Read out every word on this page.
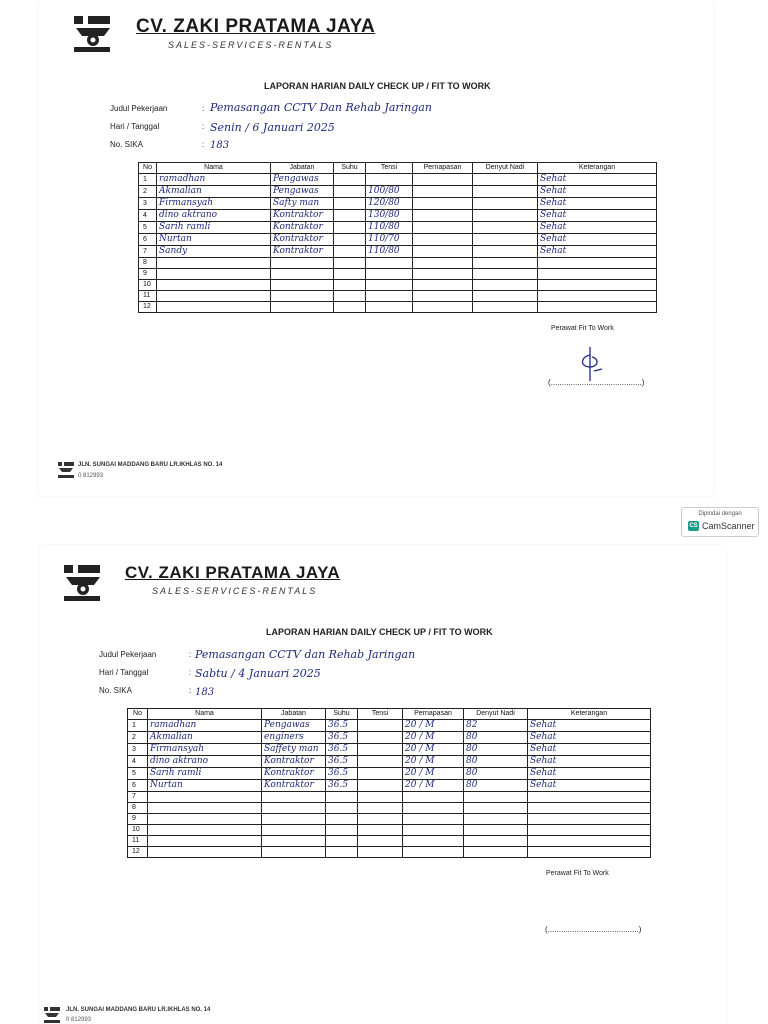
CV. ZAKI PRATAMA JAYA
SALES-SERVICES-RENTALS
LAPORAN HARIAN DAILY CHECK UP / FIT TO WORK
Judul Pekerjaan	: Pemasangan CCTV Dan Rehab Jaringan
Hari / Tanggal	: Senin / 6 Januari 2025
No. SIKA	: 183
No	Nama	Jabatan	Suhu	Tensi	Pernapasan	Denyut Nadi	Keterangan
1	ramadhan	Pengawas					Sehat
2	Akmalian	Pengawas		100/80			Sehat
3	Firmansyah	Safty man		120/80			Sehat
4	dino aktrano	Kontraktor		130/80			Sehat
5	Sarih ramli	Kontraktor		110/80			Sehat
6	Nurtan	Kontraktor		110/70			Sehat
7	Sandy	Kontraktor		110/80			Sehat
8							
9							
10							
11							
12							
Perawat Fit To Work
(.........................................)
JLN. SUNGAI MADDANG BARU LR.IKHLAS NO. 14
0 812993
Dipindai dengan
CS CamScanner
CV. ZAKI PRATAMA JAYA
SALES-SERVICES-RENTALS
LAPORAN HARIAN DAILY CHECK UP / FIT TO WORK
Judul Pekerjaan	: Pemasangan CCTV dan Rehab Jaringan
Hari / Tanggal	: Sabtu / 4 Januari 2025
No. SIKA	: 183
No	Nama	Jabatan	Suhu	Tensi	Pernapasan	Denyut Nadi	Keterangan
1	ramadhan	Pengawas	36.5		20 / M	82	Sehat
2	Akmalian	enginers	36.5		20 / M	80	Sehat
3	Firmansyah	Saffety man	36.5		20 / M	80	Sehat
4	dino aktrano	Kontraktor	36.5		20 / M	80	Sehat
5	Sarih ramli	Kontraktor	36.5		20 / M	80	Sehat
6	Nurtan	Kontraktor	36.5		20 / M	80	Sehat
7							
8							
9							
10							
11							
12							
Perawat Fit To Work
(.........................................)
JLN. SUNGAI MADDANG BARU LR.IKHLAS NO. 14
0 812993
